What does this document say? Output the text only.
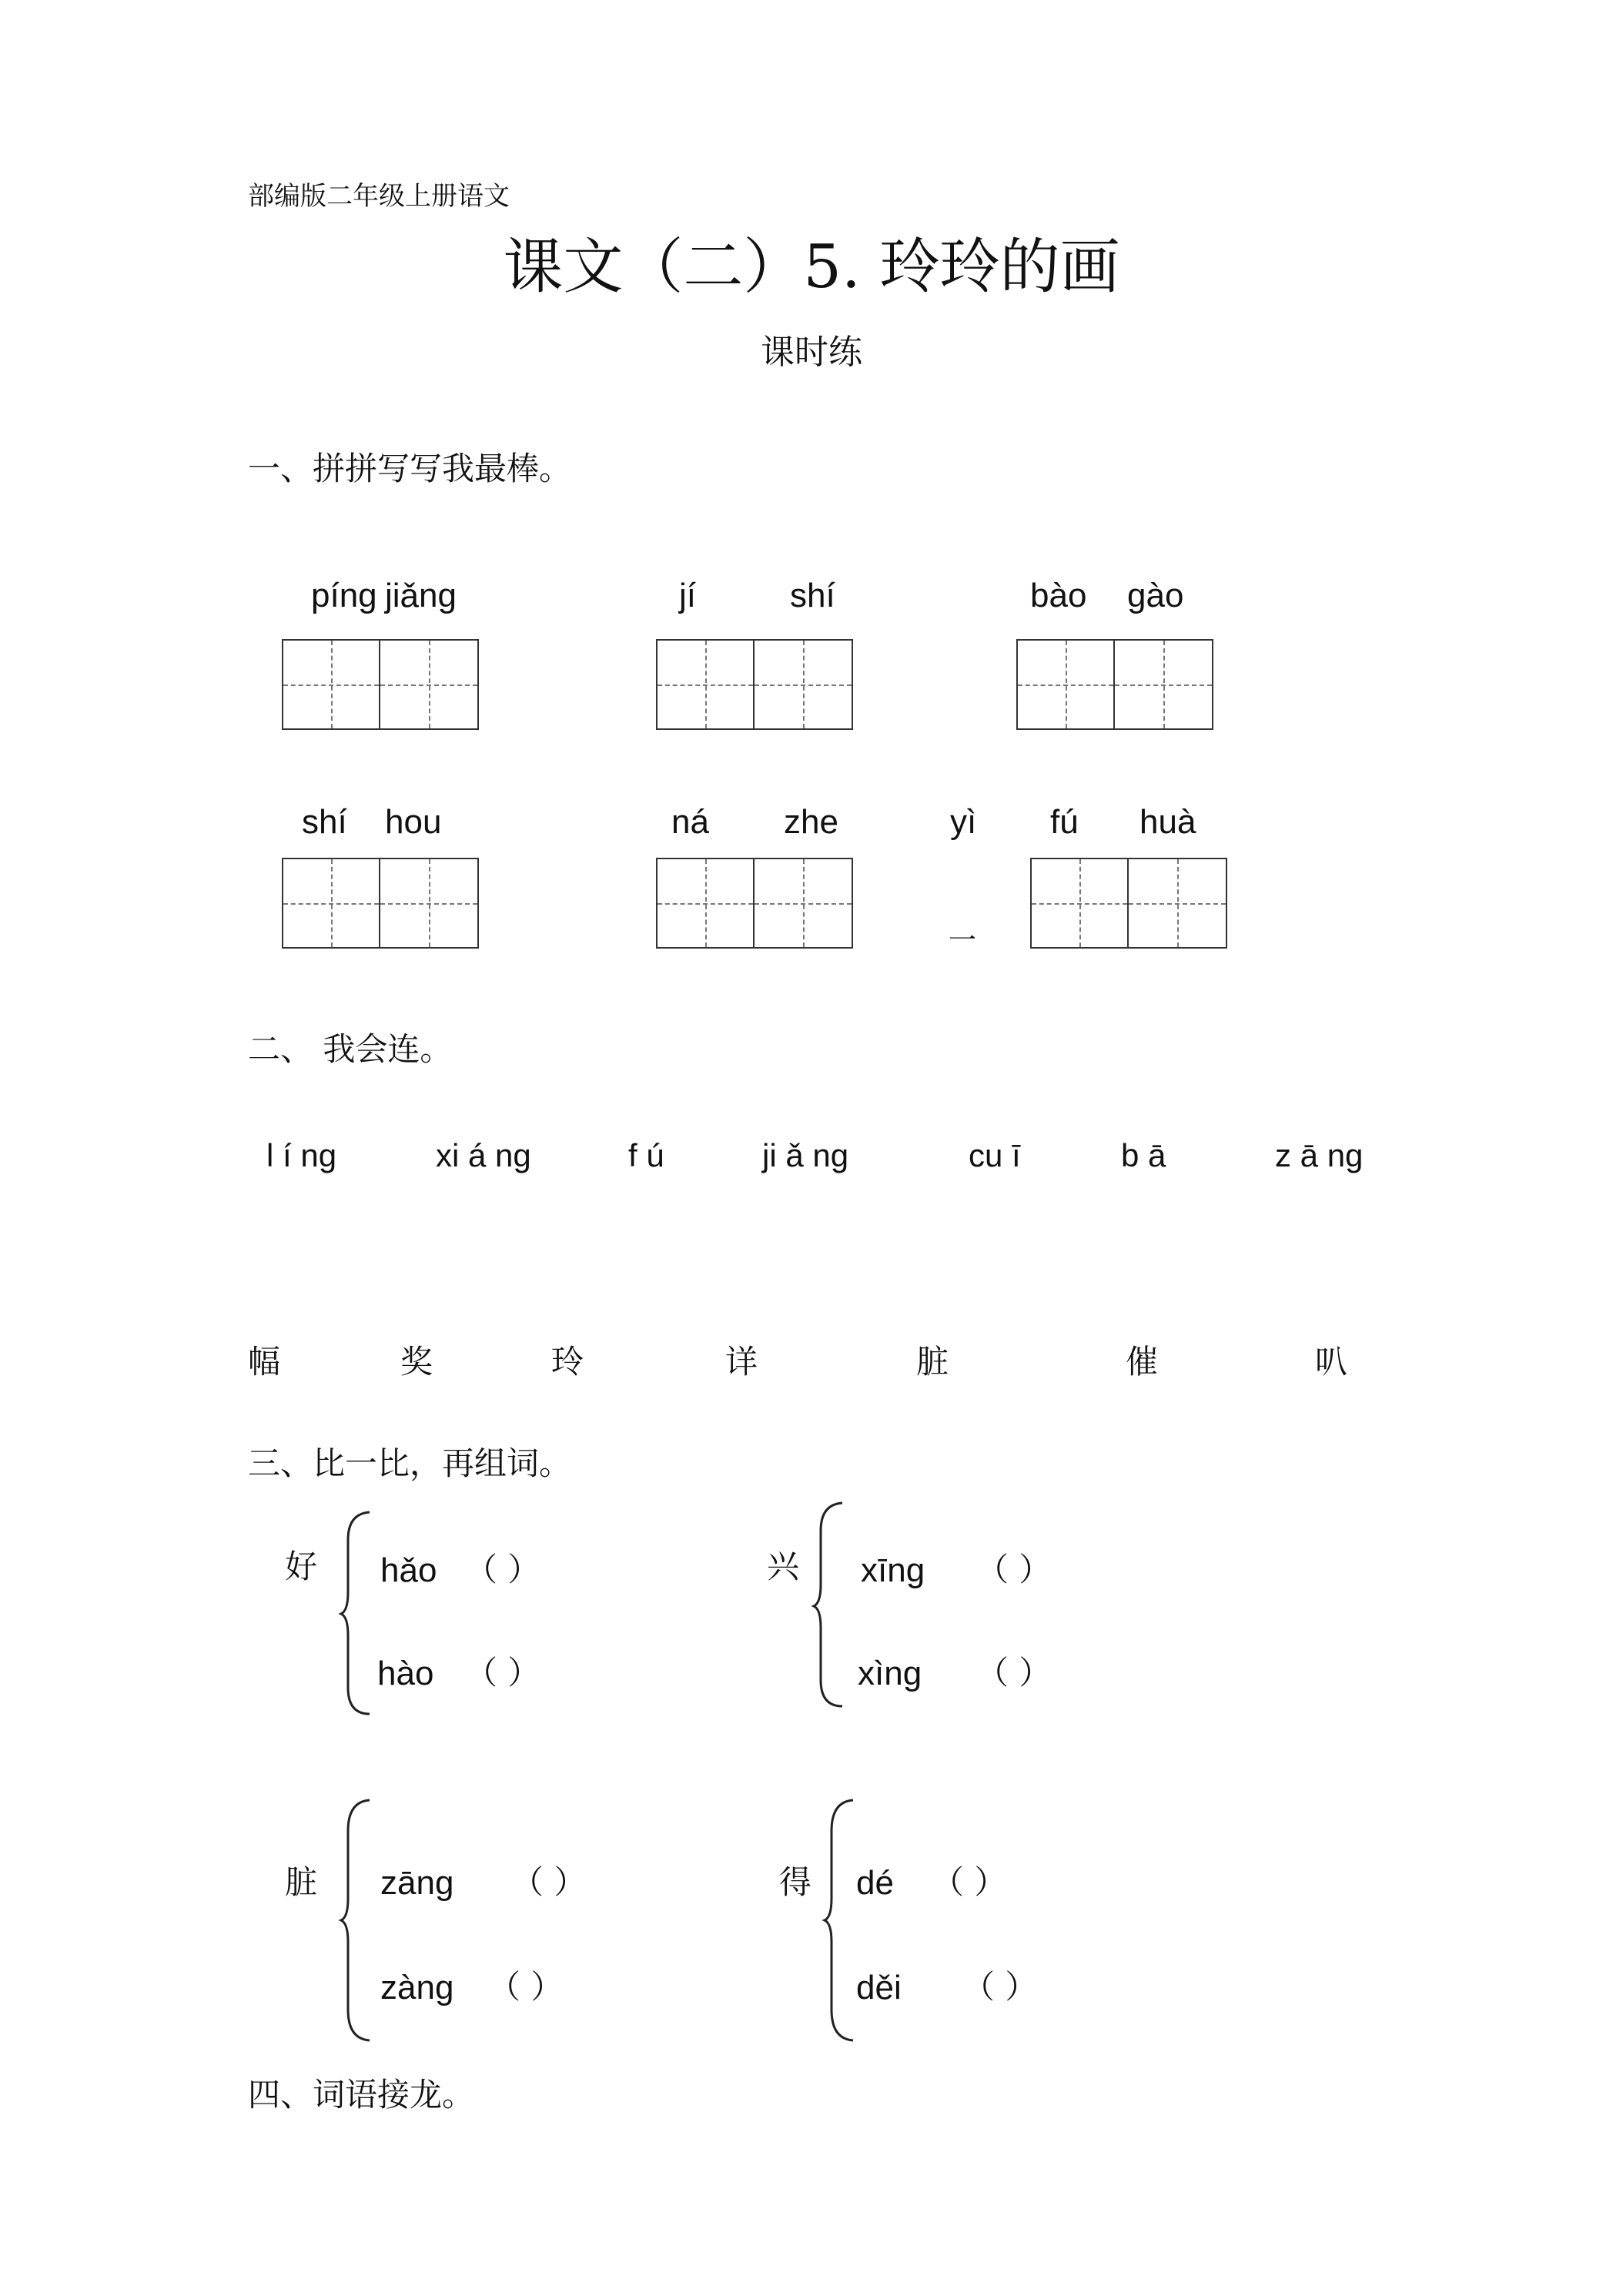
部编版二年级上册语文
课文（二）5. 玲玲的画
课时练
一、拼拼写写我最棒。
píng jiǎng	jí	shí	bào gào
shí hou	ná zhe	yì fú huà
一
二、 我会连。
l í ng	xi á ng	f ú	ji ǎ ng	cu ī	b ā	z ā ng
幅	奖	玲	详	脏	催	叭
三、比一比，再组词。
好 hǎo （ ）
hào （ ）
兴 xīng （ ）
xìng （ ）
脏 zāng （ ）
zàng （ ）
得 dé （ ）
děi （ ）
四、词语接龙。
